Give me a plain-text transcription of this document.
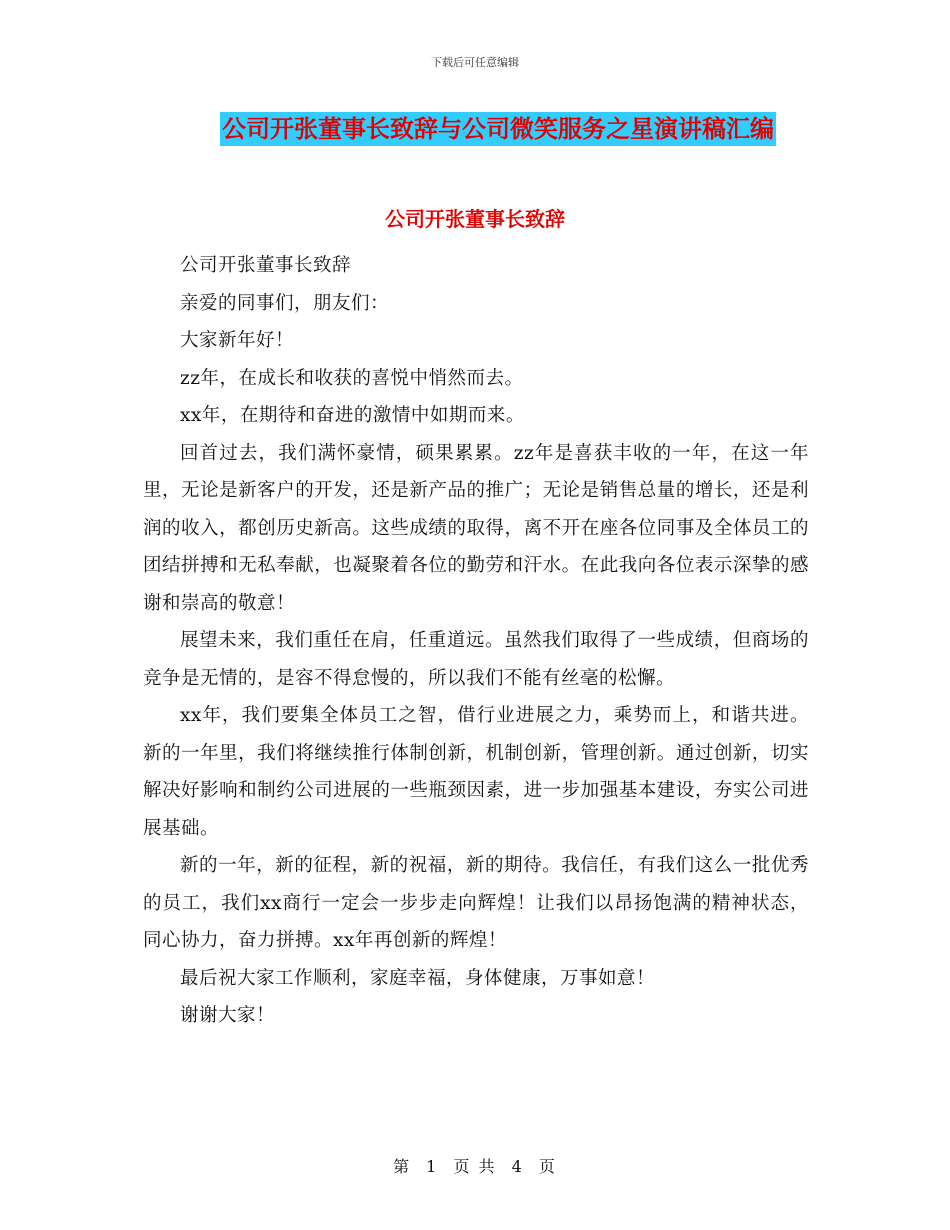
下载后可任意编辑
公司开张董事长致辞与公司微笑服务之星演讲稿汇编
公司开张董事长致辞

公司开张董事长致辞

亲爱的同事们，朋友们：

大家新年好！

zz年，在成长和收获的喜悦中悄然而去。

xx年，在期待和奋进的激情中如期而来。

回首过去，我们满怀豪情，硕果累累。zz年是喜获丰收的一年，在这一年里，无论是新客户的开发，还是新产品的推广；无论是销售总量的增长，还是利润的收入，都创历史新高。这些成绩的取得，离不开在座各位同事及全体员工的团结拼搏和无私奉献，也凝聚着各位的勤劳和汗水。在此我向各位表示深挚的感谢和崇高的敬意！

展望未来，我们重任在肩，任重道远。虽然我们取得了一些成绩，但商场的竞争是无情的，是容不得怠慢的，所以我们不能有丝毫的松懈。

xx年，我们要集全体员工之智，借行业进展之力，乘势而上，和谐共进。新的一年里，我们将继续推行体制创新，机制创新，管理创新。通过创新，切实解决好影响和制约公司进展的一些瓶颈因素，进一步加强基本建设，夯实公司进展基础。

新的一年，新的征程，新的祝福，新的期待。我信任，有我们这么一批优秀的员工，我们xx商行一定会一步步走向辉煌！让我们以昂扬饱满的精神状态，同心协力，奋力拼搏。xx年再创新的辉煌！

最后祝大家工作顺利，家庭幸福，身体健康，万事如意！

谢谢大家！

第 1 页 共 4 页
